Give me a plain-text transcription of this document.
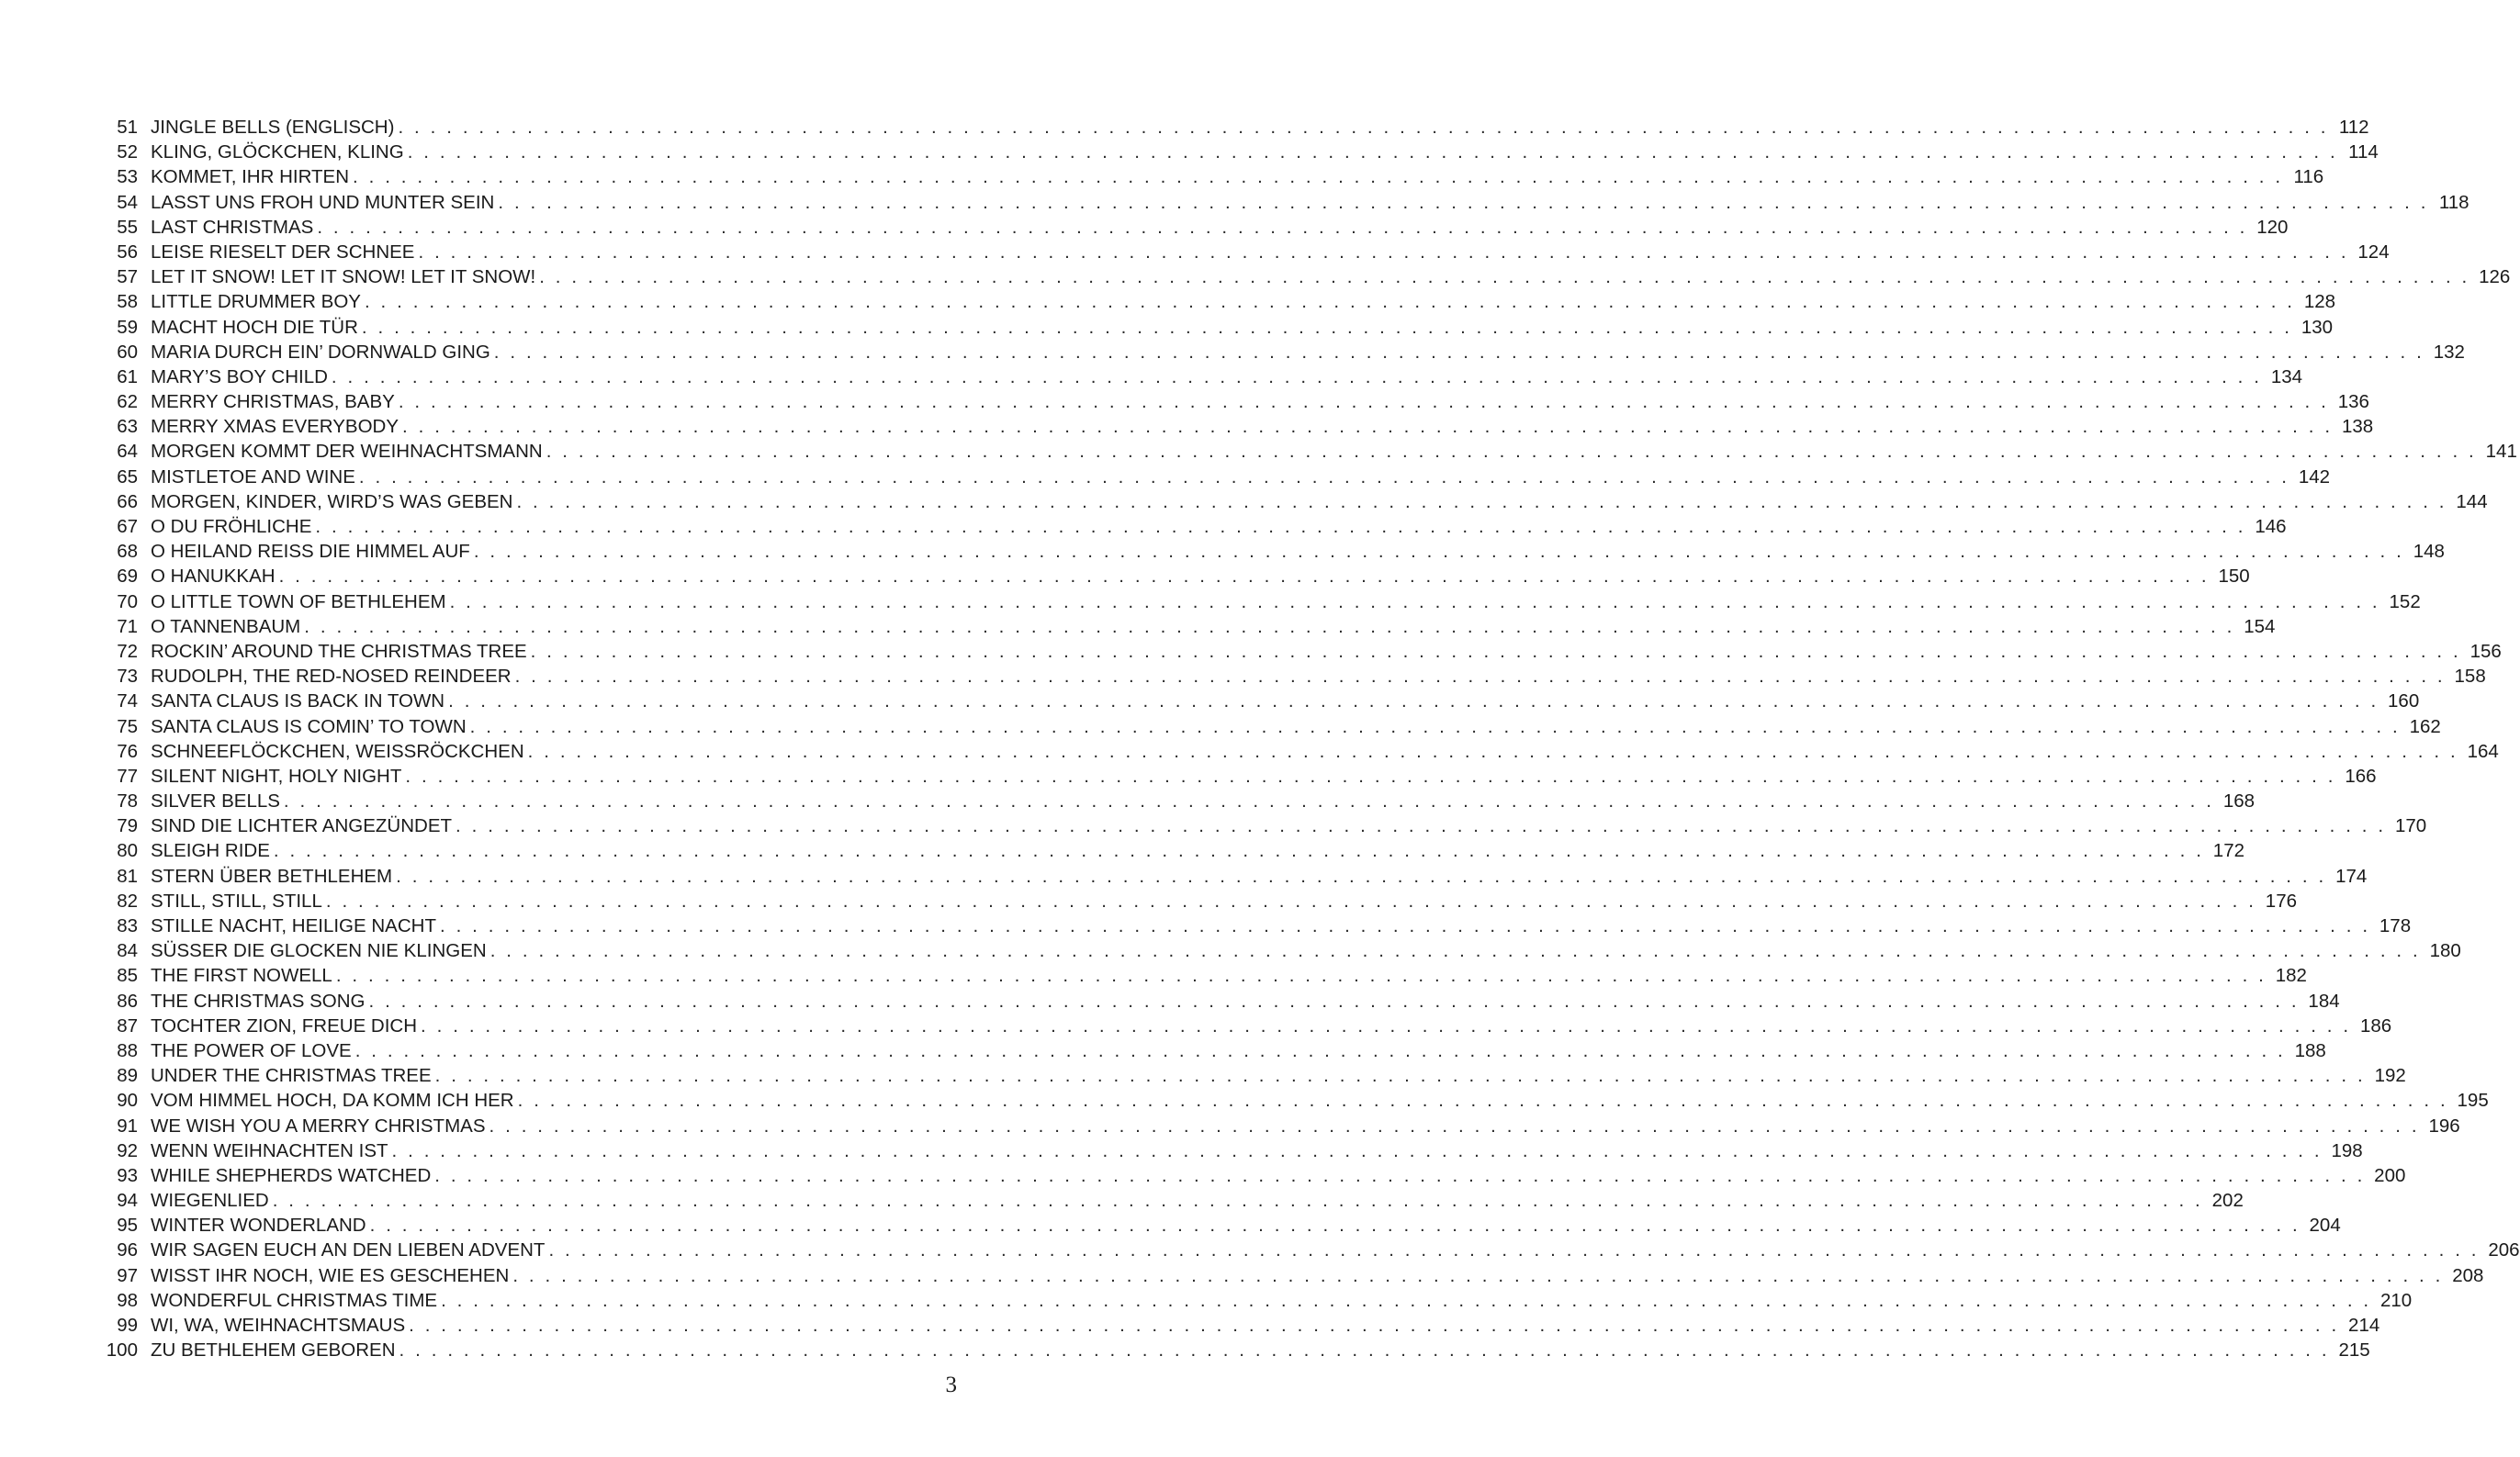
51 JINGLE BELLS (ENGLISCH) . . . . . . . . . . . . . . . . . . . . . . . . . . . . . . . . . . . . . . . . . . . . . . . . . . . . . . . . . . . . . . . . . . . . . . . . . . . . . . . . . . . . . . . . . . . . . . . . . . . . . . . . . . . . . . . . . . . . . . . . 112
52 KLING, GLÖCKCHEN, KLING . . . . . . . . . . . . . . . . . . . . . . . . . . . . . . . . . . . . . . . . . . . . . . . . . . . . . . . . . . . . . . . . . . . . . . . . . . . . . . . . . . . . . . . . . . . . . . . . . . . . . . . . . . . . . . . . . . . . . . . . 114
53 KOMMET, IHR HIRTEN . . . . . . . . . . . . . . . . . . . . . . . . . . . . . . . . . . . . . . . . . . . . . . . . . . . . . . . . . . . . . . . . . . . . . . . . . . . . . . . . . . . . . . . . . . . . . . . . . . . . . . . . . . . . . . . . . . . . . . . . 116
54 LASST UNS FROH UND MUNTER SEIN . . . . . . . . . . . . . . . . . . . . . . . . . . . . . . . . . . . . . . . . . . . . . . . . . . . . . . . . . . . . . . . . . . . . . . . . . . . . . . . . . . . . . . . . . . . . . . . . . . . . . . . . . . . . . . . . . . . . . . . . 118
55 LAST CHRISTMAS . . . . . . . . . . . . . . . . . . . . . . . . . . . . . . . . . . . . . . . . . . . . . . . . . . . . . . . . . . . . . . . . . . . . . . . . . . . . . . . . . . . . . . . . . . . . . . . . . . . . . . . . . . . . . . . . . . . . . . . . 120
56 LEISE RIESELT DER SCHNEE . . . . . . . . . . . . . . . . . . . . . . . . . . . . . . . . . . . . . . . . . . . . . . . . . . . . . . . . . . . . . . . . . . . . . . . . . . . . . . . . . . . . . . . . . . . . . . . . . . . . . . . . . . . . . . . . . . . . . . . . 124
57 LET IT SNOW! LET IT SNOW! LET IT SNOW! . . . . . . . . . . . . . . . . . . . . . . . . . . . . . . . . . . . . . . . . . . . . . . . . . . . . . . . . . . . . . . . . . . . . . . . . . . . . . . . . . . . . . . . . . . . . . . . . . . . . . . . . . . . . . . . . . . . . . . . . 126
58 LITTLE DRUMMER BOY . . . . . . . . . . . . . . . . . . . . . . . . . . . . . . . . . . . . . . . . . . . . . . . . . . . . . . . . . . . . . . . . . . . . . . . . . . . . . . . . . . . . . . . . . . . . . . . . . . . . . . . . . . . . . . . . . . . . . . . . 128
59 MACHT HOCH DIE TÜR . . . . . . . . . . . . . . . . . . . . . . . . . . . . . . . . . . . . . . . . . . . . . . . . . . . . . . . . . . . . . . . . . . . . . . . . . . . . . . . . . . . . . . . . . . . . . . . . . . . . . . . . . . . . . . . . . . . . . . . . 130
60 MARIA DURCH EIN’ DORNWALD GING . . . . . . . . . . . . . . . . . . . . . . . . . . . . . . . . . . . . . . . . . . . . . . . . . . . . . . . . . . . . . . . . . . . . . . . . . . . . . . . . . . . . . . . . . . . . . . . . . . . . . . . . . . . . . . . . . . . . . . . . 132
61 MARY’S BOY CHILD . . . . . . . . . . . . . . . . . . . . . . . . . . . . . . . . . . . . . . . . . . . . . . . . . . . . . . . . . . . . . . . . . . . . . . . . . . . . . . . . . . . . . . . . . . . . . . . . . . . . . . . . . . . . . . . . . . . . . . . . 134
62 MERRY CHRISTMAS, BABY . . . . . . . . . . . . . . . . . . . . . . . . . . . . . . . . . . . . . . . . . . . . . . . . . . . . . . . . . . . . . . . . . . . . . . . . . . . . . . . . . . . . . . . . . . . . . . . . . . . . . . . . . . . . . . . . . . . . . . . . 136
63 MERRY XMAS EVERYBODY . . . . . . . . . . . . . . . . . . . . . . . . . . . . . . . . . . . . . . . . . . . . . . . . . . . . . . . . . . . . . . . . . . . . . . . . . . . . . . . . . . . . . . . . . . . . . . . . . . . . . . . . . . . . . . . . . . . . . . . . 138
64 MORGEN KOMMT DER WEIHNACHTSMANN . . . . . . . . . . . . . . . . . . . . . . . . . . . . . . . . . . . . . . . . . . . . . . . . . . . . . . . . . . . . . . . . . . . . . . . . . . . . . . . . . . . . . . . . . . . . . . . . . . . . . . . . . . . . . . . . . . . . . . . . 141
65 MISTLETOE AND WINE . . . . . . . . . . . . . . . . . . . . . . . . . . . . . . . . . . . . . . . . . . . . . . . . . . . . . . . . . . . . . . . . . . . . . . . . . . . . . . . . . . . . . . . . . . . . . . . . . . . . . . . . . . . . . . . . . . . . . . . . 142
66 MORGEN, KINDER, WIRD’S WAS GEBEN . . . . . . . . . . . . . . . . . . . . . . . . . . . . . . . . . . . . . . . . . . . . . . . . . . . . . . . . . . . . . . . . . . . . . . . . . . . . . . . . . . . . . . . . . . . . . . . . . . . . . . . . . . . . . . . . . . . . . . . . 144
67 O DU FRÖHLICHE . . . . . . . . . . . . . . . . . . . . . . . . . . . . . . . . . . . . . . . . . . . . . . . . . . . . . . . . . . . . . . . . . . . . . . . . . . . . . . . . . . . . . . . . . . . . . . . . . . . . . . . . . . . . . . . . . . . . . . . . 146
68 O HEILAND REISS DIE HIMMEL AUF . . . . . . . . . . . . . . . . . . . . . . . . . . . . . . . . . . . . . . . . . . . . . . . . . . . . . . . . . . . . . . . . . . . . . . . . . . . . . . . . . . . . . . . . . . . . . . . . . . . . . . . . . . . . . . . . . . . . . . . . 148
69 O HANUKKAH . . . . . . . . . . . . . . . . . . . . . . . . . . . . . . . . . . . . . . . . . . . . . . . . . . . . . . . . . . . . . . . . . . . . . . . . . . . . . . . . . . . . . . . . . . . . . . . . . . . . . . . . . . . . . . . . . . . . . . . . 150
70 O LITTLE TOWN OF BETHLEHEM . . . . . . . . . . . . . . . . . . . . . . . . . . . . . . . . . . . . . . . . . . . . . . . . . . . . . . . . . . . . . . . . . . . . . . . . . . . . . . . . . . . . . . . . . . . . . . . . . . . . . . . . . . . . . . . . . . . . . . . . 152
71 O TANNENBAUM . . . . . . . . . . . . . . . . . . . . . . . . . . . . . . . . . . . . . . . . . . . . . . . . . . . . . . . . . . . . . . . . . . . . . . . . . . . . . . . . . . . . . . . . . . . . . . . . . . . . . . . . . . . . . . . . . . . . . . . . 154
72 ROCKIN’ AROUND THE CHRISTMAS TREE . . . . . . . . . . . . . . . . . . . . . . . . . . . . . . . . . . . . . . . . . . . . . . . . . . . . . . . . . . . . . . . . . . . . . . . . . . . . . . . . . . . . . . . . . . . . . . . . . . . . . . . . . . . . . . . . . . . . . . . . 156
73 RUDOLPH, THE RED-NOSED REINDEER . . . . . . . . . . . . . . . . . . . . . . . . . . . . . . . . . . . . . . . . . . . . . . . . . . . . . . . . . . . . . . . . . . . . . . . . . . . . . . . . . . . . . . . . . . . . . . . . . . . . . . . . . . . . . . . . . . . . . . . . 158
74 SANTA CLAUS IS BACK IN TOWN . . . . . . . . . . . . . . . . . . . . . . . . . . . . . . . . . . . . . . . . . . . . . . . . . . . . . . . . . . . . . . . . . . . . . . . . . . . . . . . . . . . . . . . . . . . . . . . . . . . . . . . . . . . . . . . . . . . . . . . . 160
75 SANTA CLAUS IS COMIN’ TO TOWN . . . . . . . . . . . . . . . . . . . . . . . . . . . . . . . . . . . . . . . . . . . . . . . . . . . . . . . . . . . . . . . . . . . . . . . . . . . . . . . . . . . . . . . . . . . . . . . . . . . . . . . . . . . . . . . . . . . . . . . . 162
76 SCHNEEFLÖCKCHEN, WEISSRÖCKCHEN . . . . . . . . . . . . . . . . . . . . . . . . . . . . . . . . . . . . . . . . . . . . . . . . . . . . . . . . . . . . . . . . . . . . . . . . . . . . . . . . . . . . . . . . . . . . . . . . . . . . . . . . . . . . . . . . . . . . . . . . 164
77 SILENT NIGHT, HOLY NIGHT . . . . . . . . . . . . . . . . . . . . . . . . . . . . . . . . . . . . . . . . . . . . . . . . . . . . . . . . . . . . . . . . . . . . . . . . . . . . . . . . . . . . . . . . . . . . . . . . . . . . . . . . . . . . . . . . . . . . . . . . 166
78 SILVER BELLS . . . . . . . . . . . . . . . . . . . . . . . . . . . . . . . . . . . . . . . . . . . . . . . . . . . . . . . . . . . . . . . . . . . . . . . . . . . . . . . . . . . . . . . . . . . . . . . . . . . . . . . . . . . . . . . . . . . . . . . . 168
79 SIND DIE LICHTER ANGEZÜNDET . . . . . . . . . . . . . . . . . . . . . . . . . . . . . . . . . . . . . . . . . . . . . . . . . . . . . . . . . . . . . . . . . . . . . . . . . . . . . . . . . . . . . . . . . . . . . . . . . . . . . . . . . . . . . . . . . . . . . . . . 170
80 SLEIGH RIDE . . . . . . . . . . . . . . . . . . . . . . . . . . . . . . . . . . . . . . . . . . . . . . . . . . . . . . . . . . . . . . . . . . . . . . . . . . . . . . . . . . . . . . . . . . . . . . . . . . . . . . . . . . . . . . . . . . . . . . . . 172
81 STERN ÜBER BETHLEHEM . . . . . . . . . . . . . . . . . . . . . . . . . . . . . . . . . . . . . . . . . . . . . . . . . . . . . . . . . . . . . . . . . . . . . . . . . . . . . . . . . . . . . . . . . . . . . . . . . . . . . . . . . . . . . . . . . . . . . . . . 174
82 STILL, STILL, STILL . . . . . . . . . . . . . . . . . . . . . . . . . . . . . . . . . . . . . . . . . . . . . . . . . . . . . . . . . . . . . . . . . . . . . . . . . . . . . . . . . . . . . . . . . . . . . . . . . . . . . . . . . . . . . . . . . . . . . . . . 176
83 STILLE NACHT, HEILIGE NACHT . . . . . . . . . . . . . . . . . . . . . . . . . . . . . . . . . . . . . . . . . . . . . . . . . . . . . . . . . . . . . . . . . . . . . . . . . . . . . . . . . . . . . . . . . . . . . . . . . . . . . . . . . . . . . . . . . . . . . . . . 178
84 SÜSSER DIE GLOCKEN NIE KLINGEN . . . . . . . . . . . . . . . . . . . . . . . . . . . . . . . . . . . . . . . . . . . . . . . . . . . . . . . . . . . . . . . . . . . . . . . . . . . . . . . . . . . . . . . . . . . . . . . . . . . . . . . . . . . . . . . . . . . . . . . . 180
85 THE FIRST NOWELL . . . . . . . . . . . . . . . . . . . . . . . . . . . . . . . . . . . . . . . . . . . . . . . . . . . . . . . . . . . . . . . . . . . . . . . . . . . . . . . . . . . . . . . . . . . . . . . . . . . . . . . . . . . . . . . . . . . . . . . . 182
86 THE CHRISTMAS SONG . . . . . . . . . . . . . . . . . . . . . . . . . . . . . . . . . . . . . . . . . . . . . . . . . . . . . . . . . . . . . . . . . . . . . . . . . . . . . . . . . . . . . . . . . . . . . . . . . . . . . . . . . . . . . . . . . . . . . . . . 184
87 TOCHTER ZION, FREUE DICH . . . . . . . . . . . . . . . . . . . . . . . . . . . . . . . . . . . . . . . . . . . . . . . . . . . . . . . . . . . . . . . . . . . . . . . . . . . . . . . . . . . . . . . . . . . . . . . . . . . . . . . . . . . . . . . . . . . . . . . . 186
88 THE POWER OF LOVE . . . . . . . . . . . . . . . . . . . . . . . . . . . . . . . . . . . . . . . . . . . . . . . . . . . . . . . . . . . . . . . . . . . . . . . . . . . . . . . . . . . . . . . . . . . . . . . . . . . . . . . . . . . . . . . . . . . . . . . . 188
89 UNDER THE CHRISTMAS TREE . . . . . . . . . . . . . . . . . . . . . . . . . . . . . . . . . . . . . . . . . . . . . . . . . . . . . . . . . . . . . . . . . . . . . . . . . . . . . . . . . . . . . . . . . . . . . . . . . . . . . . . . . . . . . . . . . . . . . . . . 192
90 VOM HIMMEL HOCH, DA KOMM ICH HER . . . . . . . . . . . . . . . . . . . . . . . . . . . . . . . . . . . . . . . . . . . . . . . . . . . . . . . . . . . . . . . . . . . . . . . . . . . . . . . . . . . . . . . . . . . . . . . . . . . . . . . . . . . . . . . . . . . . . . . . 195
91 WE WISH YOU A MERRY CHRISTMAS . . . . . . . . . . . . . . . . . . . . . . . . . . . . . . . . . . . . . . . . . . . . . . . . . . . . . . . . . . . . . . . . . . . . . . . . . . . . . . . . . . . . . . . . . . . . . . . . . . . . . . . . . . . . . . . . . . . . . . . . 196
92 WENN WEIHNACHTEN IST . . . . . . . . . . . . . . . . . . . . . . . . . . . . . . . . . . . . . . . . . . . . . . . . . . . . . . . . . . . . . . . . . . . . . . . . . . . . . . . . . . . . . . . . . . . . . . . . . . . . . . . . . . . . . . . . . . . . . . . . 198
93 WHILE SHEPHERDS WATCHED . . . . . . . . . . . . . . . . . . . . . . . . . . . . . . . . . . . . . . . . . . . . . . . . . . . . . . . . . . . . . . . . . . . . . . . . . . . . . . . . . . . . . . . . . . . . . . . . . . . . . . . . . . . . . . . . . . . . . . . . 200
94 WIEGENLIED . . . . . . . . . . . . . . . . . . . . . . . . . . . . . . . . . . . . . . . . . . . . . . . . . . . . . . . . . . . . . . . . . . . . . . . . . . . . . . . . . . . . . . . . . . . . . . . . . . . . . . . . . . . . . . . . . . . . . . . . 202
95 WINTER WONDERLAND . . . . . . . . . . . . . . . . . . . . . . . . . . . . . . . . . . . . . . . . . . . . . . . . . . . . . . . . . . . . . . . . . . . . . . . . . . . . . . . . . . . . . . . . . . . . . . . . . . . . . . . . . . . . . . . . . . . . . . . . 204
96 WIR SAGEN EUCH AN DEN LIEBEN ADVENT . . . . . . . . . . . . . . . . . . . . . . . . . . . . . . . . . . . . . . . . . . . . . . . . . . . . . . . . . . . . . . . . . . . . . . . . . . . . . . . . . . . . . . . . . . . . . . . . . . . . . . . . . . . . . . . . . . . . . . . . 206
97 WISST IHR NOCH, WIE ES GESCHEHEN . . . . . . . . . . . . . . . . . . . . . . . . . . . . . . . . . . . . . . . . . . . . . . . . . . . . . . . . . . . . . . . . . . . . . . . . . . . . . . . . . . . . . . . . . . . . . . . . . . . . . . . . . . . . . . . . . . . . . . . . 208
98 WONDERFUL CHRISTMAS TIME . . . . . . . . . . . . . . . . . . . . . . . . . . . . . . . . . . . . . . . . . . . . . . . . . . . . . . . . . . . . . . . . . . . . . . . . . . . . . . . . . . . . . . . . . . . . . . . . . . . . . . . . . . . . . . . . . . . . . . . . 210
99 WI, WA, WEIHNACHTSMAUS . . . . . . . . . . . . . . . . . . . . . . . . . . . . . . . . . . . . . . . . . . . . . . . . . . . . . . . . . . . . . . . . . . . . . . . . . . . . . . . . . . . . . . . . . . . . . . . . . . . . . . . . . . . . . . . . . . . . . . . . 214
100 ZU BETHLEHEM GEBOREN . . . . . . . . . . . . . . . . . . . . . . . . . . . . . . . . . . . . . . . . . . . . . . . . . . . . . . . . . . . . . . . . . . . . . . . . . . . . . . . . . . . . . . . . . . . . . . . . . . . . . . . . . . . . . . . . . . . . . . . . 215
3
